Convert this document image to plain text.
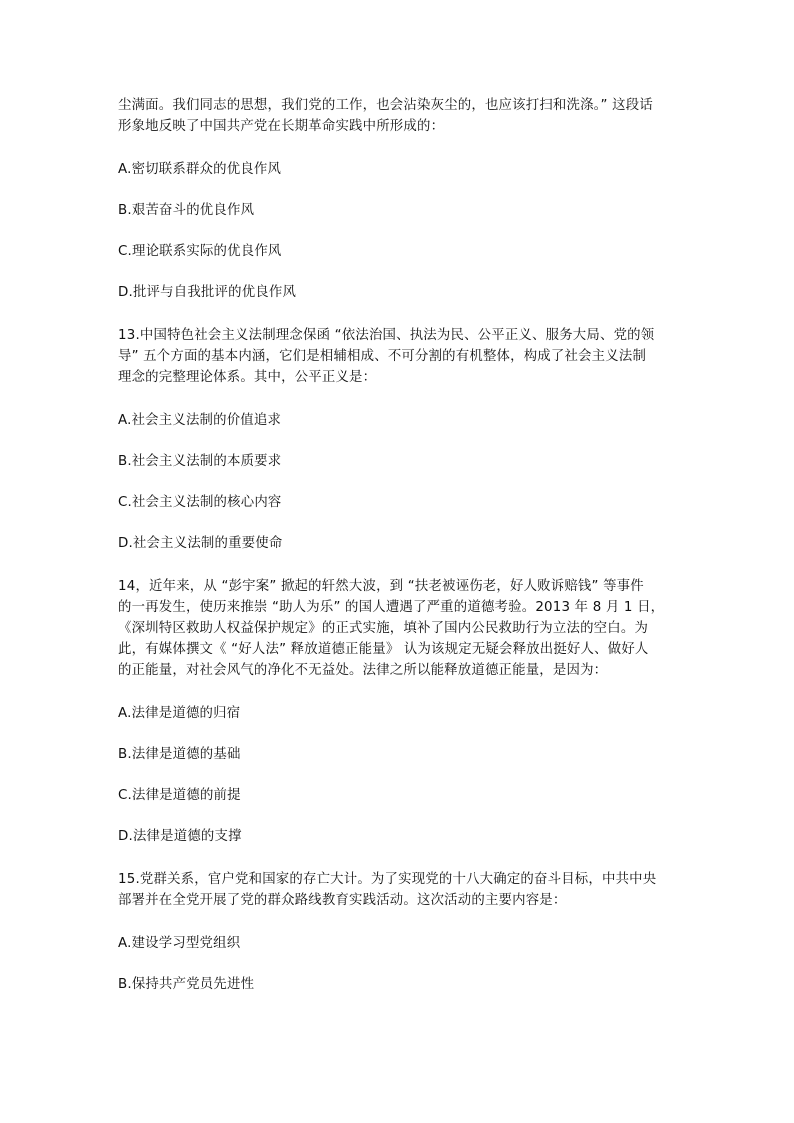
尘满面。我们同志的思想，我们党的工作，也会沾染灰尘的，也应该打扫和洗涤。” 这段话
形象地反映了中国共产党在长期革命实践中所形成的：

A.密切联系群众的优良作风

B.艰苦奋斗的优良作风

C.理论联系实际的优良作风

D.批评与自我批评的优良作风

13.中国特色社会主义法制理念保函 “依法治国、执法为民、公平正义、服务大局、党的领
导” 五个方面的基本内涵，它们是相辅相成、不可分割的有机整体，构成了社会主义法制
理念的完整理论体系。其中，公平正义是：

A.社会主义法制的价值追求

B.社会主义法制的本质要求

C.社会主义法制的核心内容

D.社会主义法制的重要使命

14，近年来，从 “彭宇案” 掀起的轩然大波，到 “扶老被诬伤老，好人败诉赔钱” 等事件
的一再发生，使历来推崇 “助人为乐” 的国人遭遇了严重的道德考验。2013 年 8 月 1 日，
《深圳特区救助人权益保护规定》的正式实施，填补了国内公民救助行为立法的空白。为
此，有媒体撰文《 “好人法” 释放道德正能量》 认为该规定无疑会释放出挺好人、做好人
的正能量，对社会风气的净化不无益处。法律之所以能释放道德正能量，是因为：

A.法律是道德的归宿

B.法律是道德的基础

C.法律是道德的前提

D.法律是道德的支撑

15.党群关系，官户党和国家的存亡大计。为了实现党的十八大确定的奋斗目标，中共中央
部署并在全党开展了党的群众路线教育实践活动。这次活动的主要内容是：

A.建设学习型党组织

B.保持共产党员先进性
